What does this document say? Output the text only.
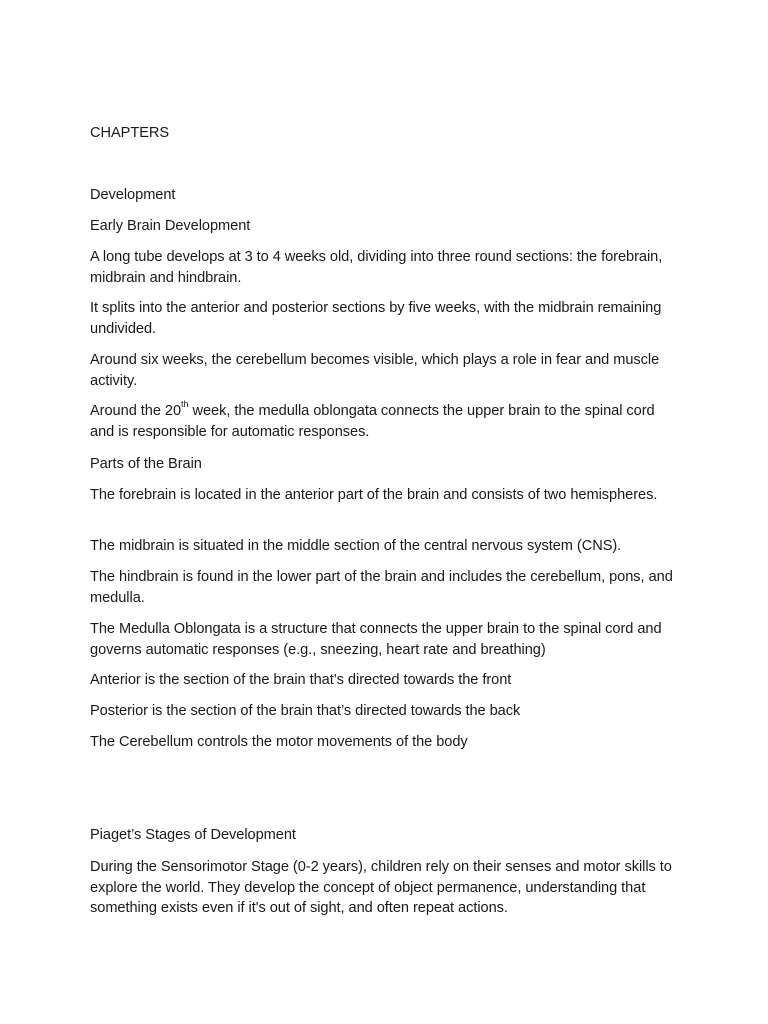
CHAPTERS

Development

Early Brain Development

A long tube develops at 3 to 4 weeks old, dividing into three round sections: the forebrain, midbrain and hindbrain.

It splits into the anterior and posterior sections by five weeks, with the midbrain remaining undivided.

Around six weeks, the cerebellum becomes visible, which plays a role in fear and muscle activity.

Around the 20th week, the medulla oblongata connects the upper brain to the spinal cord and is responsible for automatic responses.

Parts of the Brain

The forebrain is located in the anterior part of the brain and consists of two hemispheres.

The midbrain is situated in the middle section of the central nervous system (CNS).

The hindbrain is found in the lower part of the brain and includes the cerebellum, pons, and medulla.

The Medulla Oblongata is a structure that connects the upper brain to the spinal cord and governs automatic responses (e.g., sneezing, heart rate and breathing)

Anterior is the section of the brain that’s directed towards the front

Posterior is the section of the brain that’s directed towards the back

The Cerebellum controls the motor movements of the body

Piaget’s Stages of Development

During the Sensorimotor Stage (0-2 years), children rely on their senses and motor skills to explore the world. They develop the concept of object permanence, understanding that something exists even if it's out of sight, and often repeat actions.
